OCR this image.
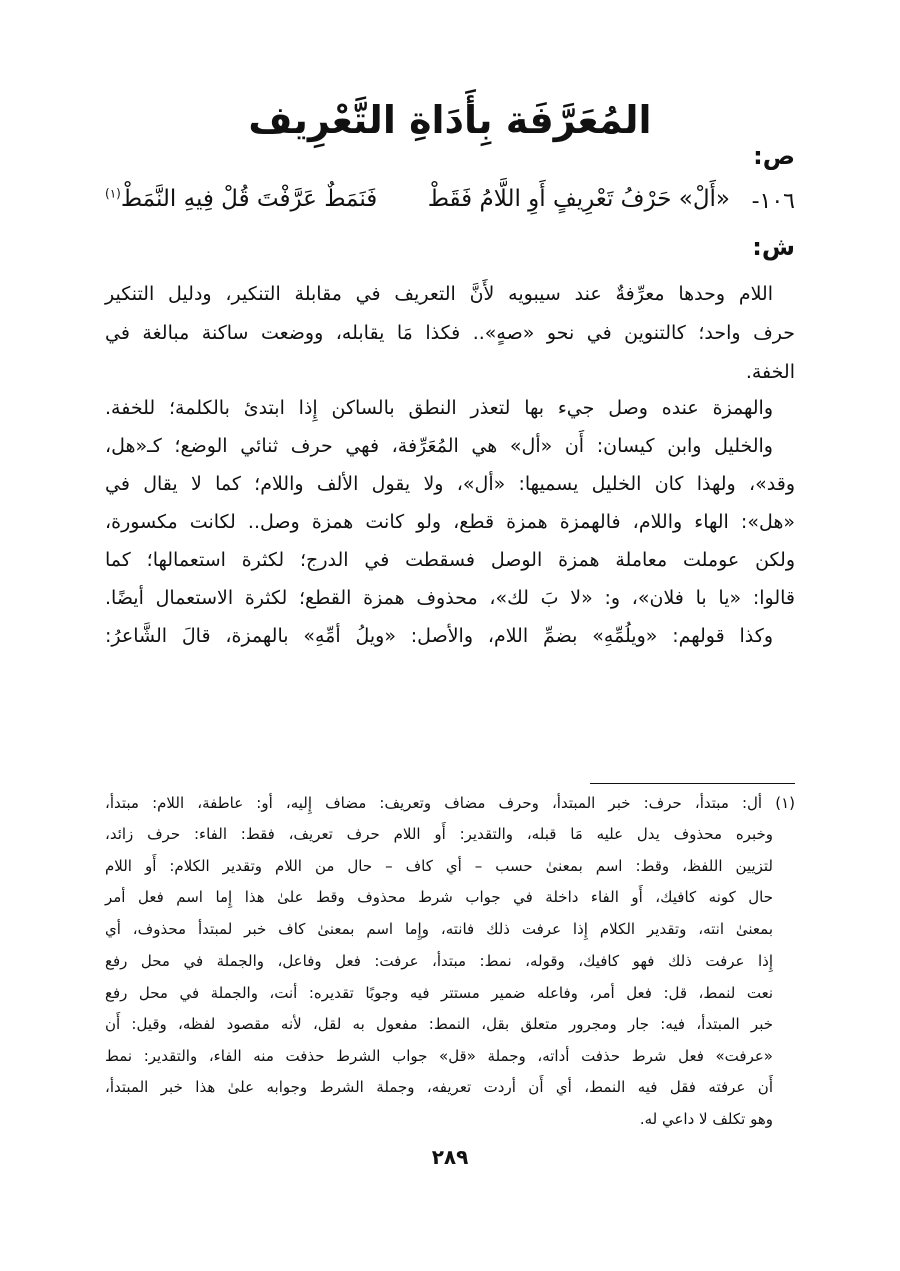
المُعَرَّفَة بِأَدَاةِ التَّعْرِيف
ص:
١٠٦-
«أَلْ» حَرْفُ تَعْرِيفٍ أَوِ اللَّامُ فَقَطْ
فَنَمَطٌ عَرَّفْتَ قُلْ فِيهِ النَّمَطْ$^{(١)}$
ش:
اللام وحدها معرِّفةٌ عند سيبويه لأَنَّ التعريف في مقابلة التنكير، ودليل التنكير
حرف واحد؛ كالتنوين في نحو «صهٍ».. فكذا مَا يقابله، ووضعت ساكنة مبالغة في
الخفة.
والهمزة عنده وصل جيء بها لتعذر النطق بالساكن إِذا ابتدئ بالكلمة؛ للخفة.
والخليل وابن كيسان: أَن «أل» هي المُعَرِّفة، فهي حرف ثنائي الوضع؛ كـ«هل،
وقد»، ولهذا كان الخليل يسميها: «أل»، ولا يقول الألف واللام؛ كما لا يقال في
«هل»: الهاء واللام، فالهمزة همزة قطع، ولو كانت همزة وصل.. لكانت مكسورة،
ولكن عوملت معاملة همزة الوصل فسقطت في الدرج؛ لكثرة استعمالها؛ كما
قالوا: «يا با فلان»، و: «لا بَ لك»، محذوف همزة القطع؛ لكثرة الاستعمال أيضًا.
وكذا قولهم: «ويلُمِّهِ» بضمِّ اللام، والأصل: «ويلُ أمِّهِ» بالهمزة، قالَ الشَّاعرُ:
(١) أل: مبتدأ، حرف: خبر المبتدأ، وحرف مضاف وتعريف: مضاف إِليه، أو: عاطفة، اللام: مبتدأ،
وخبره محذوف يدل عليه مَا قبله، والتقدير: أَو اللام حرف تعريف، فقط: الفاء: حرف زائد،
لتزيين اللفظ، وقط: اسم بمعنىٰ حسب – أي كاف – حال من اللام وتقدير الكلام: أَو اللام
حال كونه كافيك، أَو الفاء داخلة في جواب شرط محذوف وقط علىٰ هذا إِما اسم فعل أمر
بمعنىٰ انته، وتقدير الكلام إِذا عرفت ذلك فانته، وإِما اسم بمعنىٰ كاف خبر لمبتدأ محذوف، أي
إِذا عرفت ذلك فهو كافيك، وقوله، نمط: مبتدأ، عرفت: فعل وفاعل، والجملة في محل رفع
نعت لنمط، قل: فعل أمر، وفاعله ضمير مستتر فيه وجوبًا تقديره: أنت، والجملة في محل رفع
خبر المبتدأ، فيه: جار ومجرور متعلق بقل، النمط: مفعول به لقل، لأنه مقصود لفظه، وقيل: أَن
«عرفت» فعل شرط حذفت أداته، وجملة «قل» جواب الشرط حذفت منه الفاء، والتقدير: نمط
أَن عرفته فقل فيه النمط، أي أَن أردت تعريفه، وجملة الشرط وجوابه علىٰ هذا خبر المبتدأ،
وهو تكلف لا داعي له.
٢٨٩
